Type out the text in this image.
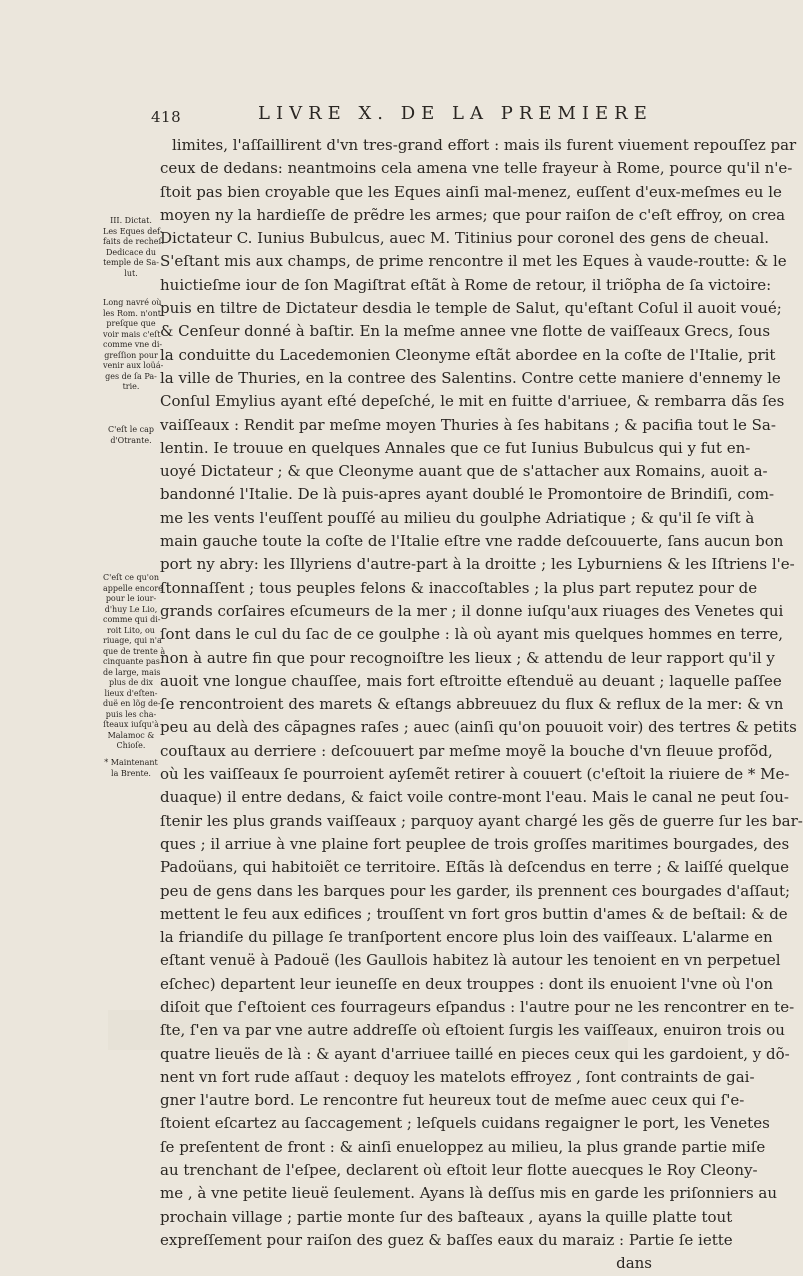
418	LIVRE X. DE LA PREMIERE
limites, l'aſſaillirent d'vn tres-grand effort : mais ils furent viuement repouſſez par
ceux de dedans: neantmoins cela amena vne telle frayeur à Rome, pource qu'il n'e-
ſtoit pas bien croyable que les Eques ainſi mal-menez, euſſent d'eux-meſmes eu le
moyen ny la hardieſſe de prẽdre les armes; que pour raiſon de c'eſt effroy, on crea
Dictateur C. Iunius Bubulcus, auec M. Titinius pour coronel des gens de cheual.
S'eſtant mis aux champs, de prime rencontre il met les Eques à vaude-routte: & le
huictieſme iour de ſon Magiſtrat eſtãt à Rome de retour, il triõpha de ſa victoire:
puis en tiltre de Dictateur desdia le temple de Salut, qu'eſtant Coſul il auoit voué;
& Cenſeur donné à baſtir. En la meſme annee vne flotte de vaiſſeaux Grecs, ſous
la conduitte du Lacedemonien Cleonyme eſtãt abordee en la coſte de l'Italie, prit
la ville de Thuries, en la contree des Salentins. Contre cette maniere d'ennemy le
Conſul Emylius ayant eſté depeſché, le mit en fuitte d'arriuee, & rembarra dãs ſes
vaiſſeaux : Rendit par meſme moyen Thuries à ſes habitans ; & pacifia tout le Sa-
lentin. Ie trouue en quelques Annales que ce fut Iunius Bubulcus qui y fut en-
uoyé Dictateur ; & que Cleonyme auant que de s'attacher aux Romains, auoit a-
bandonné l'Italie. De là puis-apres ayant doublé le Promontoire de Brindiſi, com-
me les vents l'euſſent pouſſé au milieu du goulphe Adriatique ; & qu'il ſe viſt à
main gauche toute la coſte de l'Italie eſtre vne radde deſcouuerte, ſans aucun bon
port ny abry: les Illyriens d'autre-part à la droitte ; les Lyburniens & les Iſtriens l'e-
ſtonnaſſent ; tous peuples felons & inaccoſtables ; la plus part reputez pour de
grands corſaires eſcumeurs de la mer ; il donne iuſqu'aux riuages des Venetes qui
ſont dans le cul du ſac de ce goulphe : là où ayant mis quelques hommes en terre,
non à autre fin que pour recognoiſtre les lieux ; & attendu de leur rapport qu'il y
auoit vne longue chauſſee, mais fort eſtroitte eſtenduë au deuant ; laquelle paſſee
ſe rencontroient des marets & eſtangs abbreuuez du flux & reflux de la mer: & vn
peu au delà des cãpagnes raſes ; auec (ainſi qu'on pouuoit voir) des tertres & petits
couſtaux au derriere : deſcouuert par meſme moyẽ la bouche d'vn fleuue profõd,
où les vaiſſeaux ſe pourroient ayſemẽt retirer à couuert (c'eſtoit la riuiere de * Me-
duaque) il entre dedans, & faict voile contre-mont l'eau. Mais le canal ne peut ſou-
ſtenir les plus grands vaiſſeaux ; parquoy ayant chargé les gẽs de guerre ſur les bar-
ques ; il arriue à vne plaine fort peuplee de trois groſſes maritimes bourgades, des
Padoüans, qui habitoiẽt ce territoire. Eſtãs là deſcendus en terre ; & laiſſé quelque
peu de gens dans les barques pour les garder, ils prennent ces bourgades d'aſſaut;
mettent le feu aux edifices ; trouſſent vn fort gros buttin d'ames & de beſtail: & de
la friandiſe du pillage ſe tranſportent encore plus loin des vaiſſeaux. L'alarme en
eſtant venuë à Padouë (les Gaullois habitez là autour les tenoient en vn perpetuel
eſchec) departent leur ieuneſſe en deux trouppes : dont ils enuoient l'vne où l'on
diſoit que ſ'eſtoient ces fourrageurs eſpandus : l'autre pour ne les rencontrer en te-
ſte, ſ'en va par vne autre addreſſe où eſtoient ſurgis les vaiſſeaux, enuiron trois ou
quatre lieuës de là : & ayant d'arriuee taillé en pieces ceux qui les gardoient, y dõ-
nent vn fort rude aſſaut : dequoy les matelots effroyez , ſont contraints de gai-
gner l'autre bord. Le rencontre fut heureux tout de meſme auec ceux qui ſ'e-
ſtoient eſcartez au ſaccagement ; leſquels cuidans regaigner le port, les Venetes
ſe preſentent de front : & ainſi enueloppez au milieu, la plus grande partie miſe
au trenchant de l'eſpee, declarent où eſtoit leur flotte auecques le Roy Cleony-
me , à vne petite lieuë ſeulement. Ayans là deſſus mis en garde les priſonniers au
prochain village ; partie monte ſur des baſteaux , ayans la quille platte tout
expreſſement pour raiſon des guez & baſſes eaux du maraiz : Partie ſe iette
dans
III. Dictat.
Les Eques def-
faits de recheſ.
Dedicace du
temple de Sa-
lut.
Long navré où
les Rom. n'ont
preſque que
voir mais c'eſt
comme vne di-
greſſion pour
venir aux loüá-
ges de ſa Pa-
trie.
C'eſt le cap
d'Otrante.
C'eſt ce qu'on
appelle encore
pour le iour-
d'huy Le Lio,
comme qui di-
roit Lito, ou
riuage, qui n'a
que de trente à
cinquante pas
de large, mais
plus de dix
lieux d'eſten-
duë en lõg de-
puis les cha-
ſteaux iuſqu'à
Malamoc &
Chioſe.
* Maintenant
la Brente.
